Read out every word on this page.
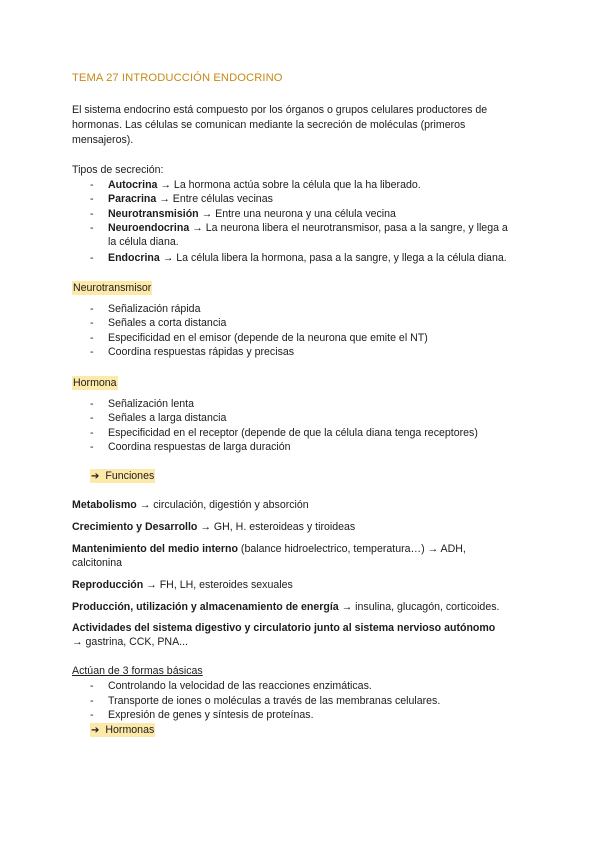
TEMA 27 INTRODUCCIÓN ENDOCRINO
El sistema endocrino está compuesto por los órganos o grupos celulares productores de
hormonas. Las células se comunican mediante la secreción de moléculas (primeros
mensajeros).
Tipos de secreción:
- Autocrina → La hormona actúa sobre la célula que la ha liberado.
- Paracrina → Entre células vecinas
- Neurotransmisión → Entre una neurona y una célula vecina
- Neuroendocrina → La neurona libera el neurotransmisor, pasa a la sangre, y llega a
la célula diana.
- Endocrina → La célula libera la hormona, pasa a la sangre, y llega a la célula diana.
Neurotransmisor
- Señalización rápida
- Señales a corta distancia
- Especificidad en el emisor (depende de la neurona que emite el NT)
- Coordina respuestas rápidas y precisas
Hormona
- Señalización lenta
- Señales a larga distancia
- Especificidad en el receptor (depende de que la célula diana tenga receptores)
- Coordina respuestas de larga duración
➔ Funciones
Metabolismo → circulación, digestión y absorción
Crecimiento y Desarrollo → GH, H. esteroideas y tiroideas
Mantenimiento del medio interno (balance hidroelectrico, temperatura…) → ADH,
calcitonina
Reproducción → FH, LH, esteroides sexuales
Producción, utilización y almacenamiento de energía → insulina, glucagón, corticoides.
Actividades del sistema digestivo y circulatorio junto al sistema nervioso autónomo
→ gastrina, CCK, PNA...
Actúan de 3 formas básicas
- Controlando la velocidad de las reacciones enzimáticas.
- Transporte de iones o moléculas a través de las membranas celulares.
- Expresión de genes y síntesis de proteínas.
➔ Hormonas
